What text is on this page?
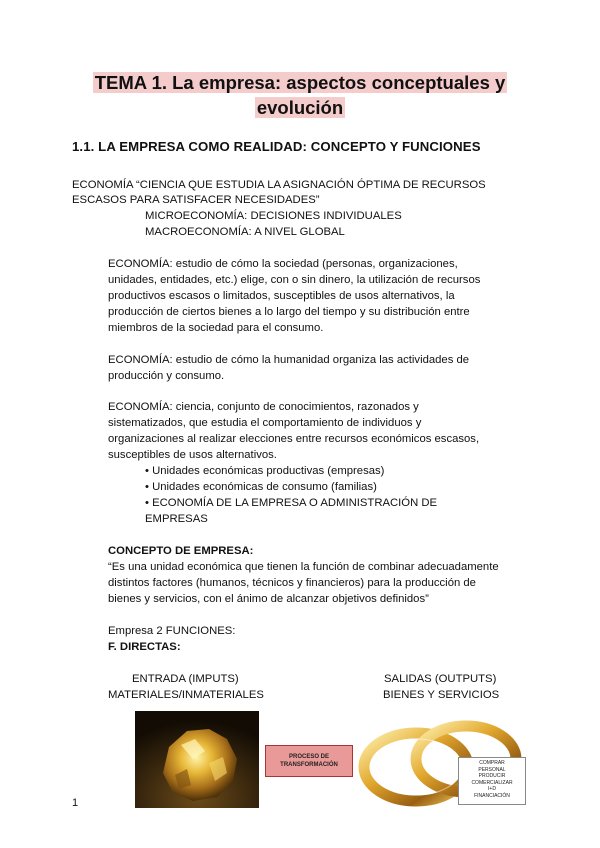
TEMA 1. La empresa: aspectos conceptuales y
evolución
1.1. LA EMPRESA COMO REALIDAD: CONCEPTO Y FUNCIONES
ECONOMÍA “CIENCIA QUE ESTUDIA LA ASIGNACIÓN ÓPTIMA DE RECURSOS
ESCASOS PARA SATISFACER NECESIDADES”
MICROECONOMÍA: DECISIONES INDIVIDUALES
MACROECONOMÍA: A NIVEL GLOBAL
ECONOMÍA: estudio de cómo la sociedad (personas, organizaciones,
unidades, entidades, etc.) elige, con o sin dinero, la utilización de recursos
productivos escasos o limitados, susceptibles de usos alternativos, la
producción de ciertos bienes a lo largo del tiempo y su distribución entre
miembros de la sociedad para el consumo.
ECONOMÍA: estudio de cómo la humanidad organiza las actividades de
producción y consumo.
ECONOMÍA: ciencia, conjunto de conocimientos, razonados y
sistematizados, que estudia el comportamiento de individuos y
organizaciones al realizar elecciones entre recursos económicos escasos,
susceptibles de usos alternativos.
• Unidades económicas productivas (empresas)
• Unidades económicas de consumo (familias)
• ECONOMÍA DE LA EMPRESA O ADMINISTRACIÓN DE
EMPRESAS
CONCEPTO DE EMPRESA:
“Es una unidad económica que tienen la función de combinar adecuadamente
distintos factores (humanos, técnicos y financieros) para la producción de
bienes y servicios, con el ánimo de alcanzar objetivos definidos”
Empresa 2 FUNCIONES:
F. DIRECTAS:
ENTRADA (IMPUTS)
MATERIALES/INMATERIALES
SALIDAS (OUTPUTS)
BIENES Y SERVICIOS
PROCESO DE
TRANSFORMACIÓN	COMPRAR
PERSONAL
PRODUCIR
COMERCIALIZAR
I+D
FINANCIACIÓN
1
